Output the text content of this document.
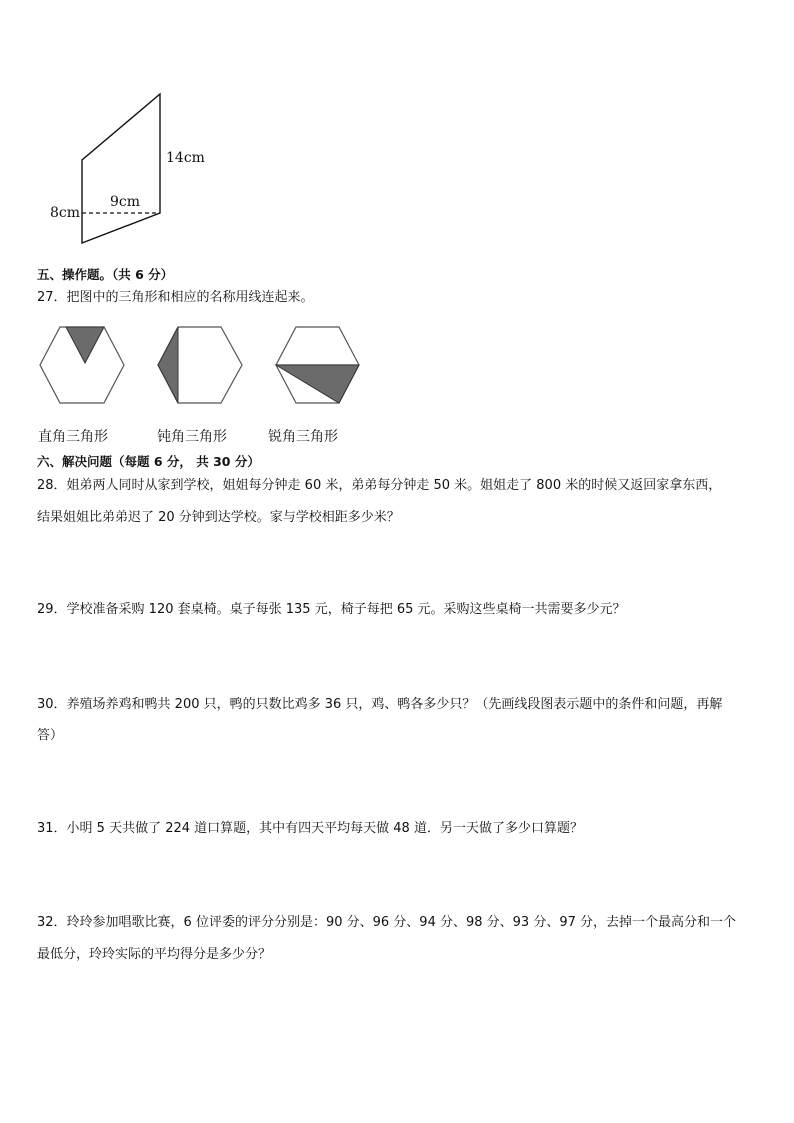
14cm
9cm
8cm
五、操作题。（共 6 分）
27．把图中的三角形和相应的名称用线连起来。
直角三角形	钝角三角形	锐角三角形
六、解决问题（每题 6 分， 共 30 分）
28．姐弟两人同时从家到学校，姐姐每分钟走 60 米，弟弟每分钟走 50 米。姐姐走了 800 米的时候又返回家拿东西，
结果姐姐比弟弟迟了 20 分钟到达学校。家与学校相距多少米？
29．学校准备采购 120 套桌椅。桌子每张 135 元，椅子每把 65 元。采购这些桌椅一共需要多少元？
30．养殖场养鸡和鸭共 200 只，鸭的只数比鸡多 36 只，鸡、鸭各多少只？（先画线段图表示题中的条件和问题，再解
答）
31．小明 5 天共做了 224 道口算题，其中有四天平均每天做 48 道．另一天做了多少口算题？
32．玲玲参加唱歌比赛，6 位评委的评分分别是：90 分、96 分、94 分、98 分、93 分、97 分，去掉一个最高分和一个
最低分，玲玲实际的平均得分是多少分？
